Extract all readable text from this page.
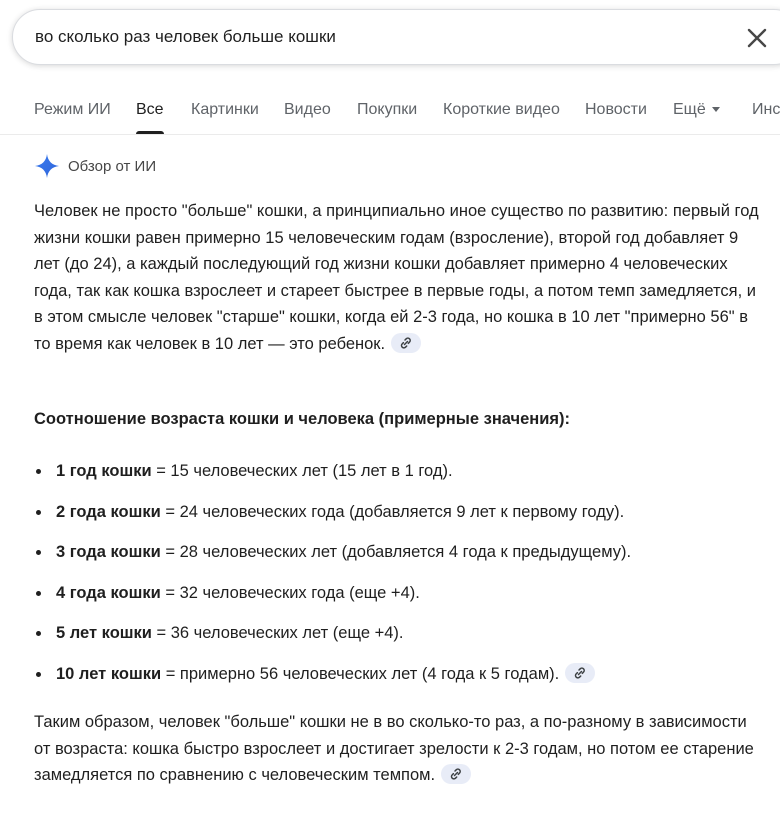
во сколько раз человек больше кошки
Режим ИИ Все Картинки Видео Покупки Короткие видео Новости Ещё	Инс
Обзор от ИИ

Человек не просто "больше" кошки, а принципиально иное существо по развитию: первый год жизни кошки равен примерно 15 человеческим годам (взросление), второй год добавляет 9 лет (до 24), а каждый последующий год жизни кошки добавляет примерно 4 человеческих года, так как кошка взрослеет и стареет быстрее в первые годы, а потом темп замедляется, и в этом смысле человек "старше" кошки, когда ей 2-3 года, но кошка в 10 лет "примерно 56" в то время как человек в 10 лет — это ребенок.

Соотношение возраста кошки и человека (примерные значения):

1 год кошки = 15 человеческих лет (15 лет в 1 год).
2 года кошки = 24 человеческих года (добавляется 9 лет к первому году).
3 года кошки = 28 человеческих лет (добавляется 4 года к предыдущему).
4 года кошки = 32 человеческих года (еще +4).
5 лет кошки = 36 человеческих лет (еще +4).
10 лет кошки = примерно 56 человеческих лет (4 года к 5 годам).

Таким образом, человек "больше" кошки не в во сколько-то раз, а по-разному в зависимости от возраста: кошка быстро взрослеет и достигает зрелости к 2-3 годам, но потом ее старение замедляется по сравнению с человеческим темпом.
